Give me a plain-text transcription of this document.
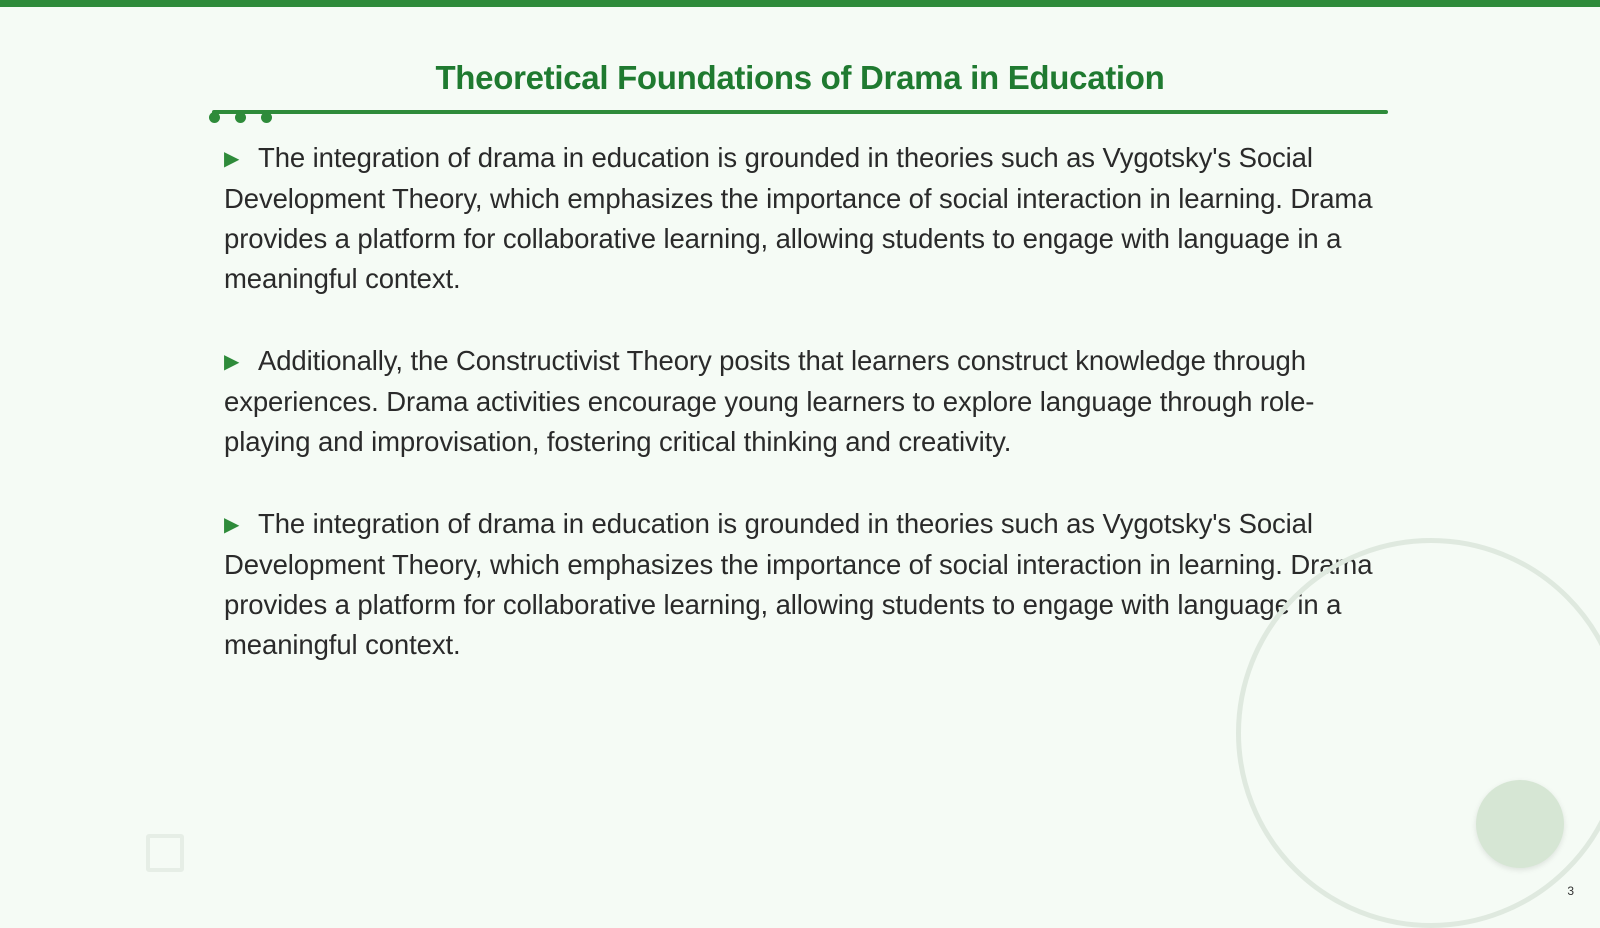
Theoretical Foundations of Drama in Education

▶ The integration of drama in education is grounded in theories such as Vygotsky's Social Development Theory, which emphasizes the importance of social interaction in learning. Drama provides a platform for collaborative learning, allowing students to engage with language in a meaningful context.

▶ Additionally, the Constructivist Theory posits that learners construct knowledge through experiences. Drama activities encourage young learners to explore language through role-playing and improvisation, fostering critical thinking and creativity.

▶ The integration of drama in education is grounded in theories such as Vygotsky's Social Development Theory, which emphasizes the importance of social interaction in learning. Drama provides a platform for collaborative learning, allowing students to engage with language in a meaningful context.

3
